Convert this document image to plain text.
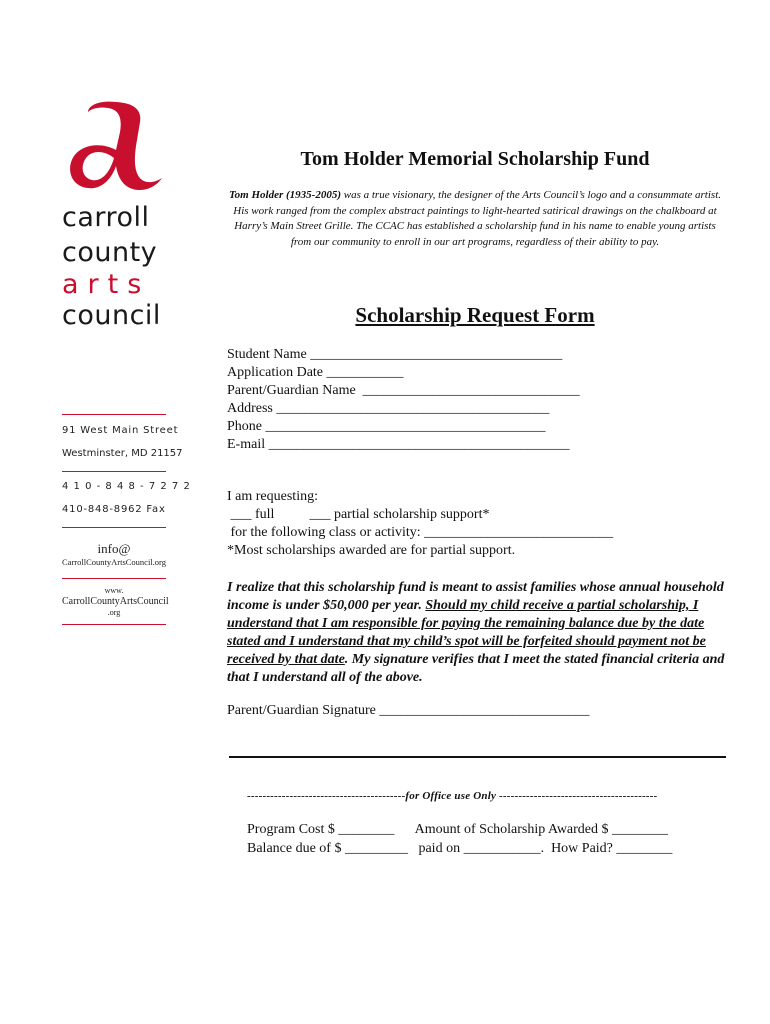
carroll
county
arts
council
91 West Main Street
Westminster, MD 21157
4 1 0 - 8 4 8 - 7 2 7 2
410-848-8962 Fax
info@
CarrollCountyArtsCouncil.org
www.
CarrollCountyArtsCouncil
.org
Tom Holder Memorial Scholarship Fund
Tom Holder (1935-2005) was a true visionary, the designer of the Arts Council’s logo and a consummate artist. His work ranged from the complex abstract paintings to light-hearted satirical drawings on the chalkboard at Harry’s Main Street Grille. The CCAC has established a scholarship fund in his name to enable young artists from our community to enroll in our art programs, regardless of their ability to pay.
Scholarship Request Form
Student Name ____________________________________
Application Date ___________
Parent/Guardian Name  _______________________________
Address _______________________________________
Phone ________________________________________
E-mail ___________________________________________
I am requesting:
___ full          ___ partial scholarship support*
for the following class or activity: ___________________________
*Most scholarships awarded are for partial support.
I realize that this scholarship fund is meant to assist families whose annual household income is under $50,000 per year. Should my child receive a partial scholarship, I understand that I am responsible for paying the remaining balance due by the date stated and I understand that my child’s spot will be forfeited should payment not be received by that date. My signature verifies that I meet the stated financial criteria and that I understand all of the above.
Parent/Guardian Signature ______________________________
-----------------------------------------for Office use Only -----------------------------------------
Program Cost $ ________      Amount of Scholarship Awarded $ ________
Balance due of $ _________   paid on ___________.  How Paid? ________
